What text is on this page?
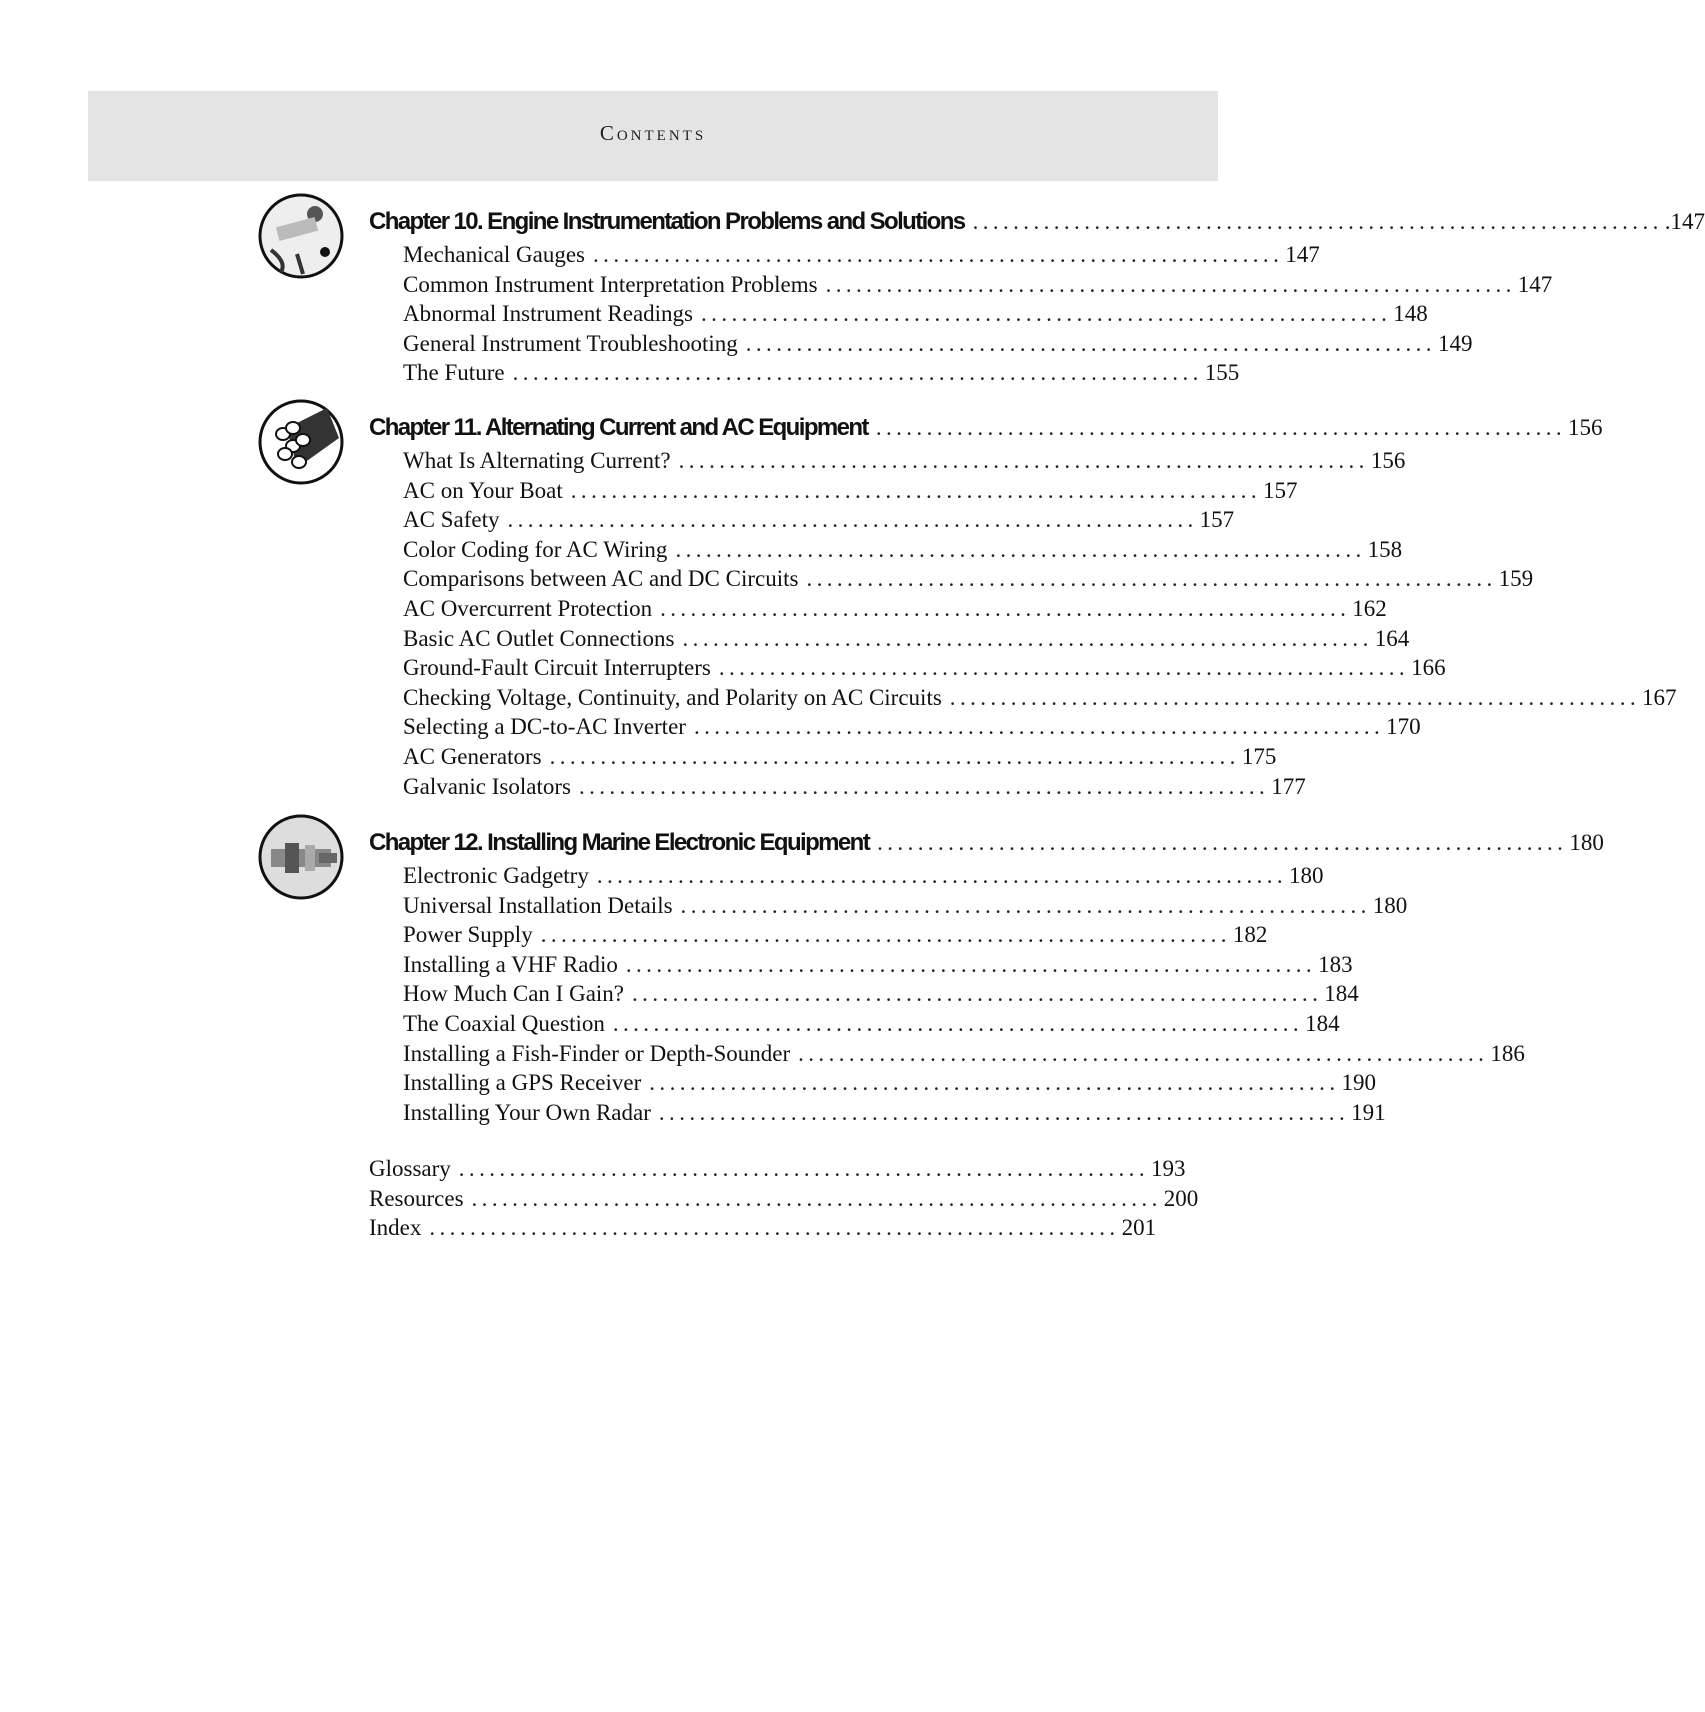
Contents
Chapter 10. Engine Instrumentation Problems and Solutions .................................................................... .147
Mechanical Gauges .................................................................... 147
Common Instrument Interpretation Problems .................................................................... 147
Abnormal Instrument Readings .................................................................... 148
General Instrument Troubleshooting .................................................................... 149
The Future .................................................................... 155
Chapter 11. Alternating Current and AC Equipment .................................................................... 156
What Is Alternating Current? .................................................................... 156
AC on Your Boat .................................................................... 157
AC Safety .................................................................... 157
Color Coding for AC Wiring .................................................................... 158
Comparisons between AC and DC Circuits .................................................................... 159
AC Overcurrent Protection .................................................................... 162
Basic AC Outlet Connections .................................................................... 164
Ground-Fault Circuit Interrupters .................................................................... 166
Checking Voltage, Continuity, and Polarity on AC Circuits .................................................................... 167
Selecting a DC-to-AC Inverter .................................................................... 170
AC Generators .................................................................... 175
Galvanic Isolators .................................................................... 177
Chapter 12. Installing Marine Electronic Equipment .................................................................... 180
Electronic Gadgetry .................................................................... 180
Universal Installation Details .................................................................... 180
Power Supply .................................................................... 182
Installing a VHF Radio .................................................................... 183
How Much Can I Gain? .................................................................... 184
The Coaxial Question .................................................................... 184
Installing a Fish-Finder or Depth-Sounder .................................................................... 186
Installing a GPS Receiver .................................................................... 190
Installing Your Own Radar .................................................................... 191
Glossary .................................................................... 193
Resources .................................................................... 200
Index .................................................................... 201
